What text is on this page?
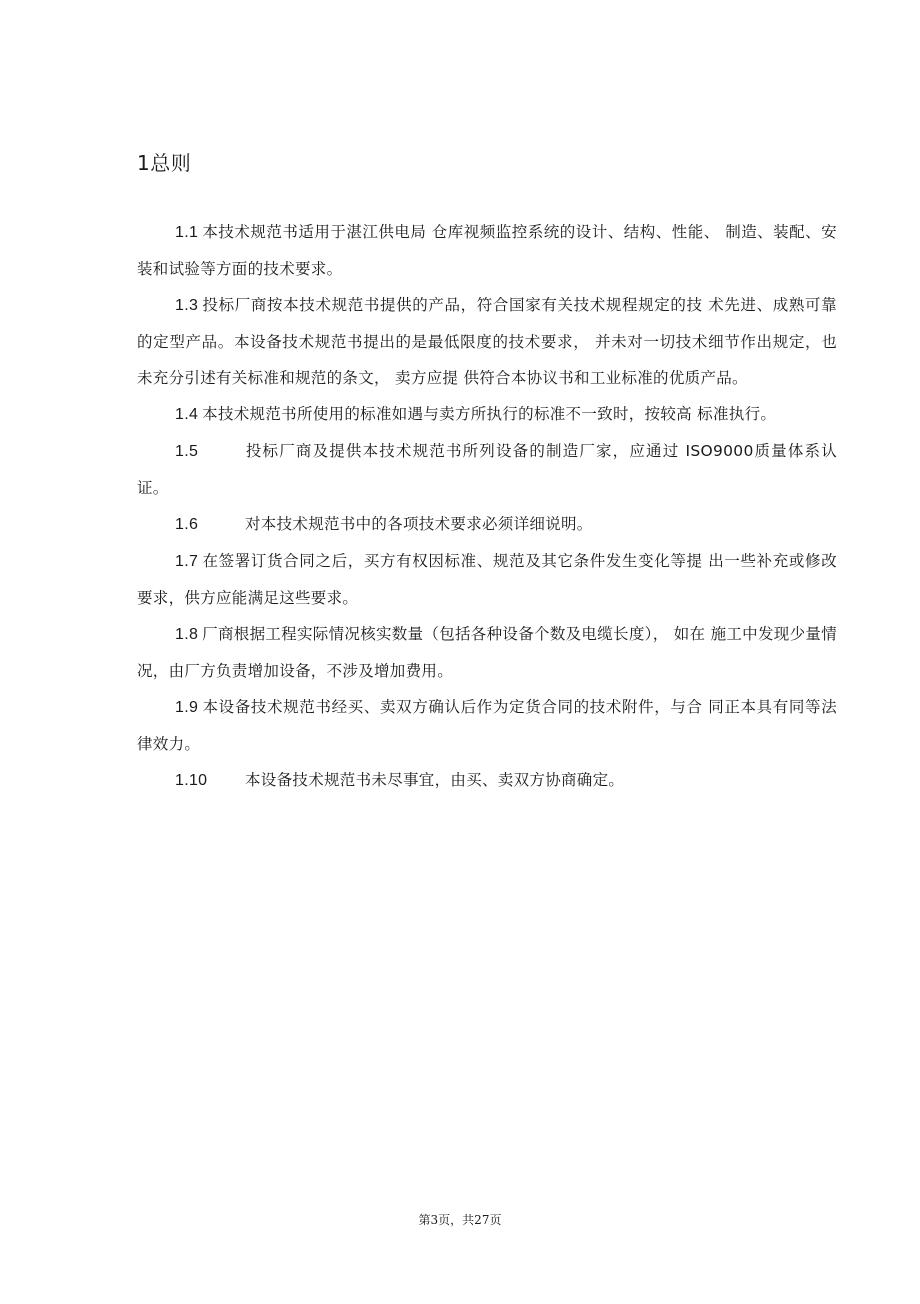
1总则

1.1 本技术规范书适用于湛江供电局 仓库视频监控系统的设计、结构、性能、 制造、装配、安装和试验等方面的技术要求。

1.3 投标厂商按本技术规范书提供的产品，符合国家有关技术规程规定的技 术先进、成熟可靠的定型产品。本设备技术规范书提出的是最低限度的技术要求， 并未对一切技术细节作出规定，也未充分引述有关标准和规范的条文， 卖方应提 供符合本协议书和工业标准的优质产品。

1.4 本技术规范书所使用的标准如遇与卖方所执行的标准不一致时，按较高 标准执行。

1.5	投标厂商及提供本技术规范书所列设备的制造厂家，应通过 ISO9000质量体系认证。

1.6	对本技术规范书中的各项技术要求必须详细说明。

1.7 在签署订货合同之后，买方有权因标准、规范及其它条件发生变化等提 出一些补充或修改要求，供方应能满足这些要求。

1.8 厂商根据工程实际情况核实数量（包括各种设备个数及电缆长度）， 如在 施工中发现少量情况，由厂方负责增加设备，不涉及增加费用。

1.9 本设备技术规范书经买、卖双方确认后作为定货合同的技术附件，与合 同正本具有同等法律效力。

1.10 本设备技术规范书未尽事宜，由买、卖双方协商确定。

第3页，共27页
